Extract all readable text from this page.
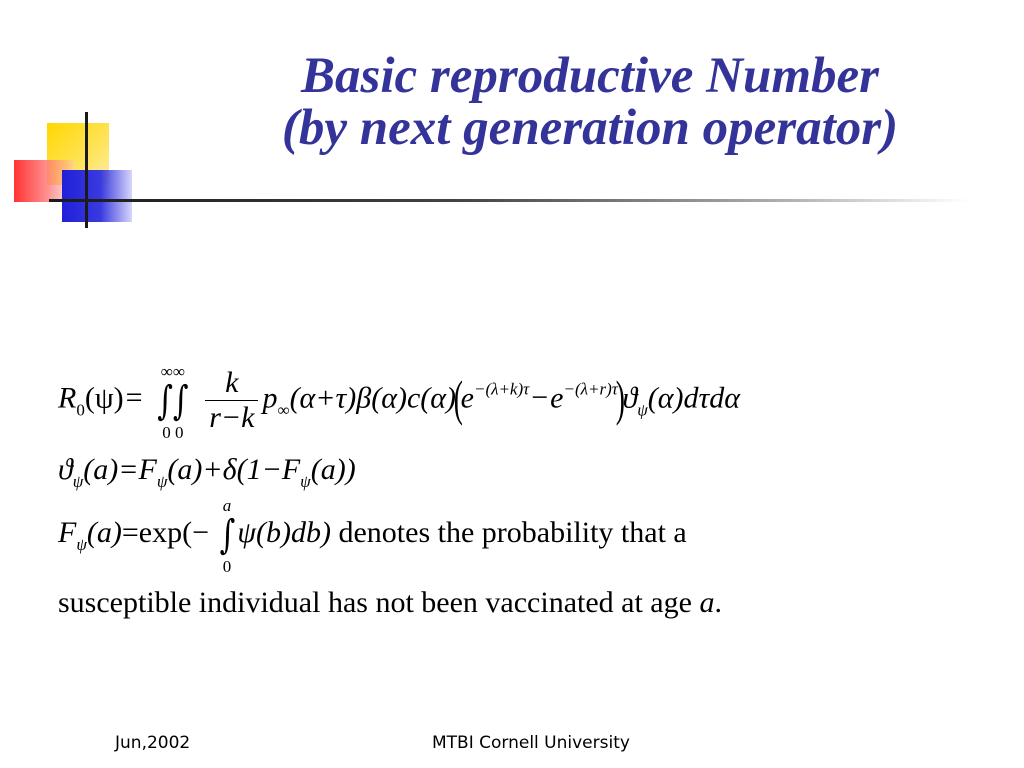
Basic reproductive Number
(by next generation operator)
$R_0(\psi)=$ ∫∫
∞∞
0 0
$\frac{k}{r-k} p_\infty(\alpha+\tau)\beta(\alpha)c(\alpha)(e^{-(\lambda+k)\tau}-e^{-(\lambda+r)\tau})ϑ_\psi(\alpha)d\tau d\alpha$
$ϑ_\psi(a)=F_\psi(a)+\delta(1-F_\psi(a))$
$F_\psi(a)=\exp(-$ ∫
a
0
ψ(b)db) denotes the probability that a
susceptible individual has not been vaccinated at age a.
Jun,2002	MTBI Cornell University
